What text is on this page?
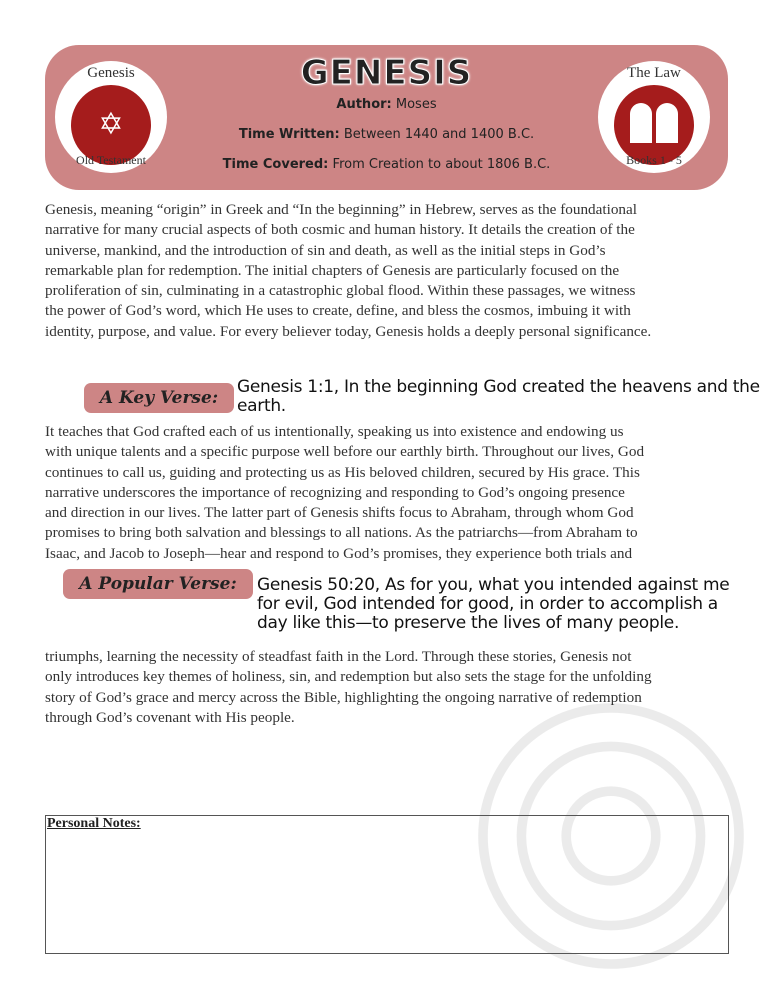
GENESIS
Author: Moses
Time Written: Between 1440 and 1400 B.C.
Time Covered: From Creation to about 1806 B.C.
Genesis
✡
Old Testament
The Law
Books 1 - 5
Genesis, meaning “origin” in Greek and “In the beginning” in Hebrew, serves as the foundational
narrative for many crucial aspects of both cosmic and human history. It details the creation of the
universe, mankind, and the introduction of sin and death, as well as the initial steps in God’s
remarkable plan for redemption. The initial chapters of Genesis are particularly focused on the
proliferation of sin, culminating in a catastrophic global flood. Within these passages, we witness
the power of God’s word, which He uses to create, define, and bless the cosmos, imbuing it with
identity, purpose, and value. For every believer today, Genesis holds a deeply personal significance.
A Key Verse:
Genesis 1:1, In the beginning God created the heavens and the
earth.
It teaches that God crafted each of us intentionally, speaking us into existence and endowing us
with unique talents and a specific purpose well before our earthly birth. Throughout our lives, God
continues to call us, guiding and protecting us as His beloved children, secured by His grace. This
narrative underscores the importance of recognizing and responding to God’s ongoing presence
and direction in our lives. The latter part of Genesis shifts focus to Abraham, through whom God
promises to bring both salvation and blessings to all nations. As the patriarchs—from Abraham to
Isaac, and Jacob to Joseph—hear and respond to God’s promises, they experience both trials and
A Popular Verse:	Genesis 50:20, As for you, what you intended against me
for evil, God intended for good, in order to accomplish a
day like this—to preserve the lives of many people.
triumphs, learning the necessity of steadfast faith in the Lord. Through these stories, Genesis not
only introduces key themes of holiness, sin, and redemption but also sets the stage for the unfolding
story of God’s grace and mercy across the Bible, highlighting the ongoing narrative of redemption
through God’s covenant with His people.
Personal Notes:
